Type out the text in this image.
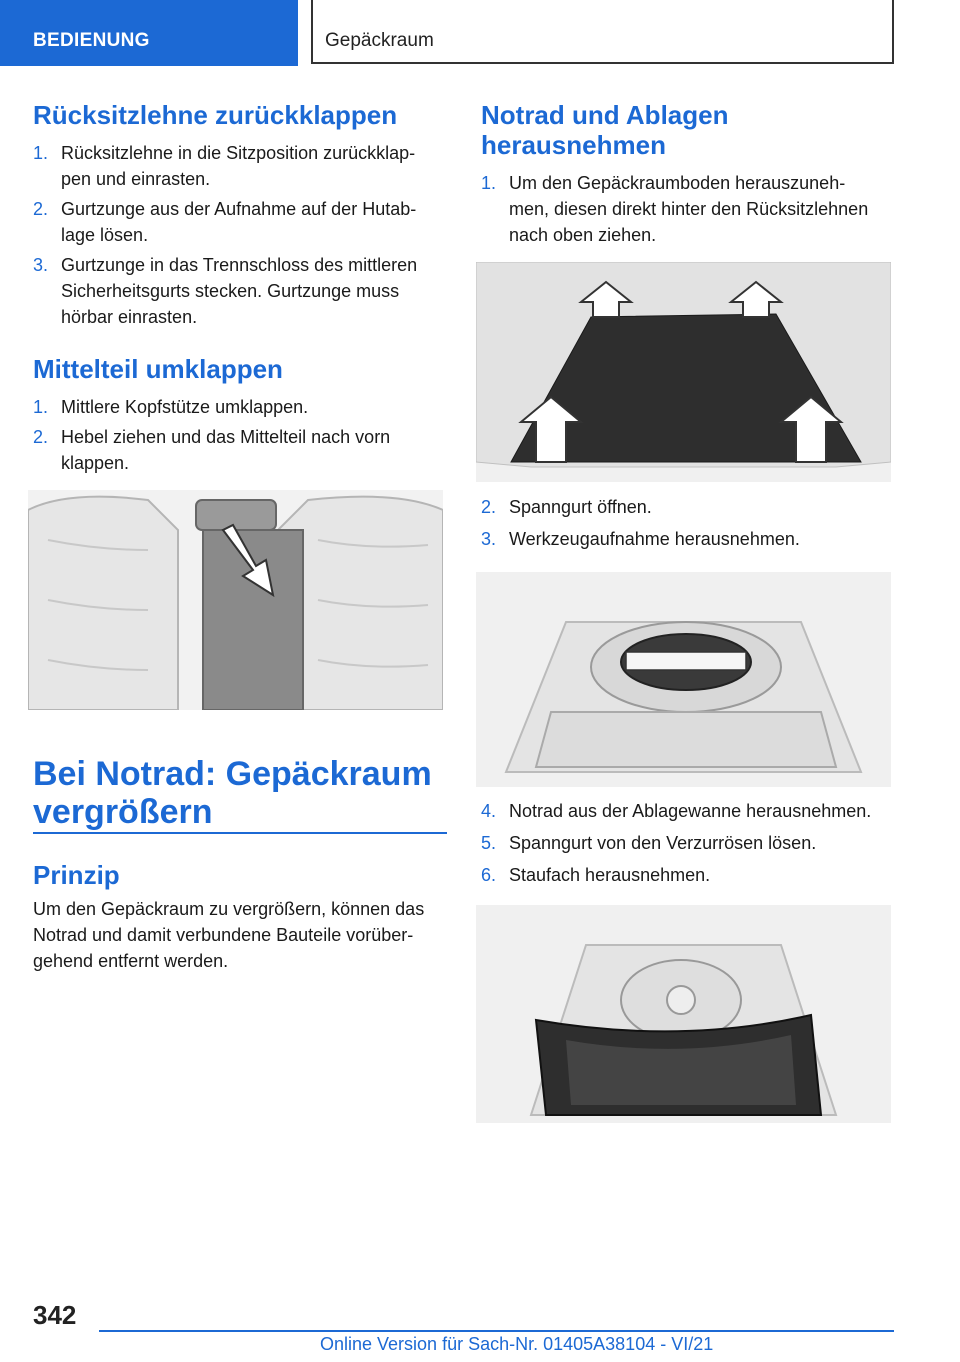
BEDIENUNG	Gepäckraum
Rücksitzlehne zurückklappen
1. Rücksitzlehne in die Sitzposition zurückklap-
pen und einrasten.
2. Gurtzunge aus der Aufnahme auf der Hutab-
lage lösen.
3. Gurtzunge in das Trennschloss des mittleren
Sicherheitsgurts stecken. Gurtzunge muss
hörbar einrasten.
Mittelteil umklappen
1. Mittlere Kopfstütze umklappen.
2. Hebel ziehen und das Mittelteil nach vorn
klappen.
Bei Notrad: Gepäckraum
vergrößern
Prinzip

Um den Gepäckraum zu vergrößern, können das
Notrad und damit verbundene Bauteile vorüber-
gehend entfernt werden.

Notrad und Ablagen
herausnehmen
1. Um den Gepäckraumboden herauszuneh-
men, diesen direkt hinter den Rücksitzlehnen
nach oben ziehen.
2. Spanngurt öffnen.
3. Werkzeugaufnahme herausnehmen.
4. Notrad aus der Ablagewanne herausnehmen.
5. Spanngurt von den Verzurrösen lösen.
6. Staufach herausnehmen.
342
Online Version für Sach-Nr. 01405A38104 - VI/21
